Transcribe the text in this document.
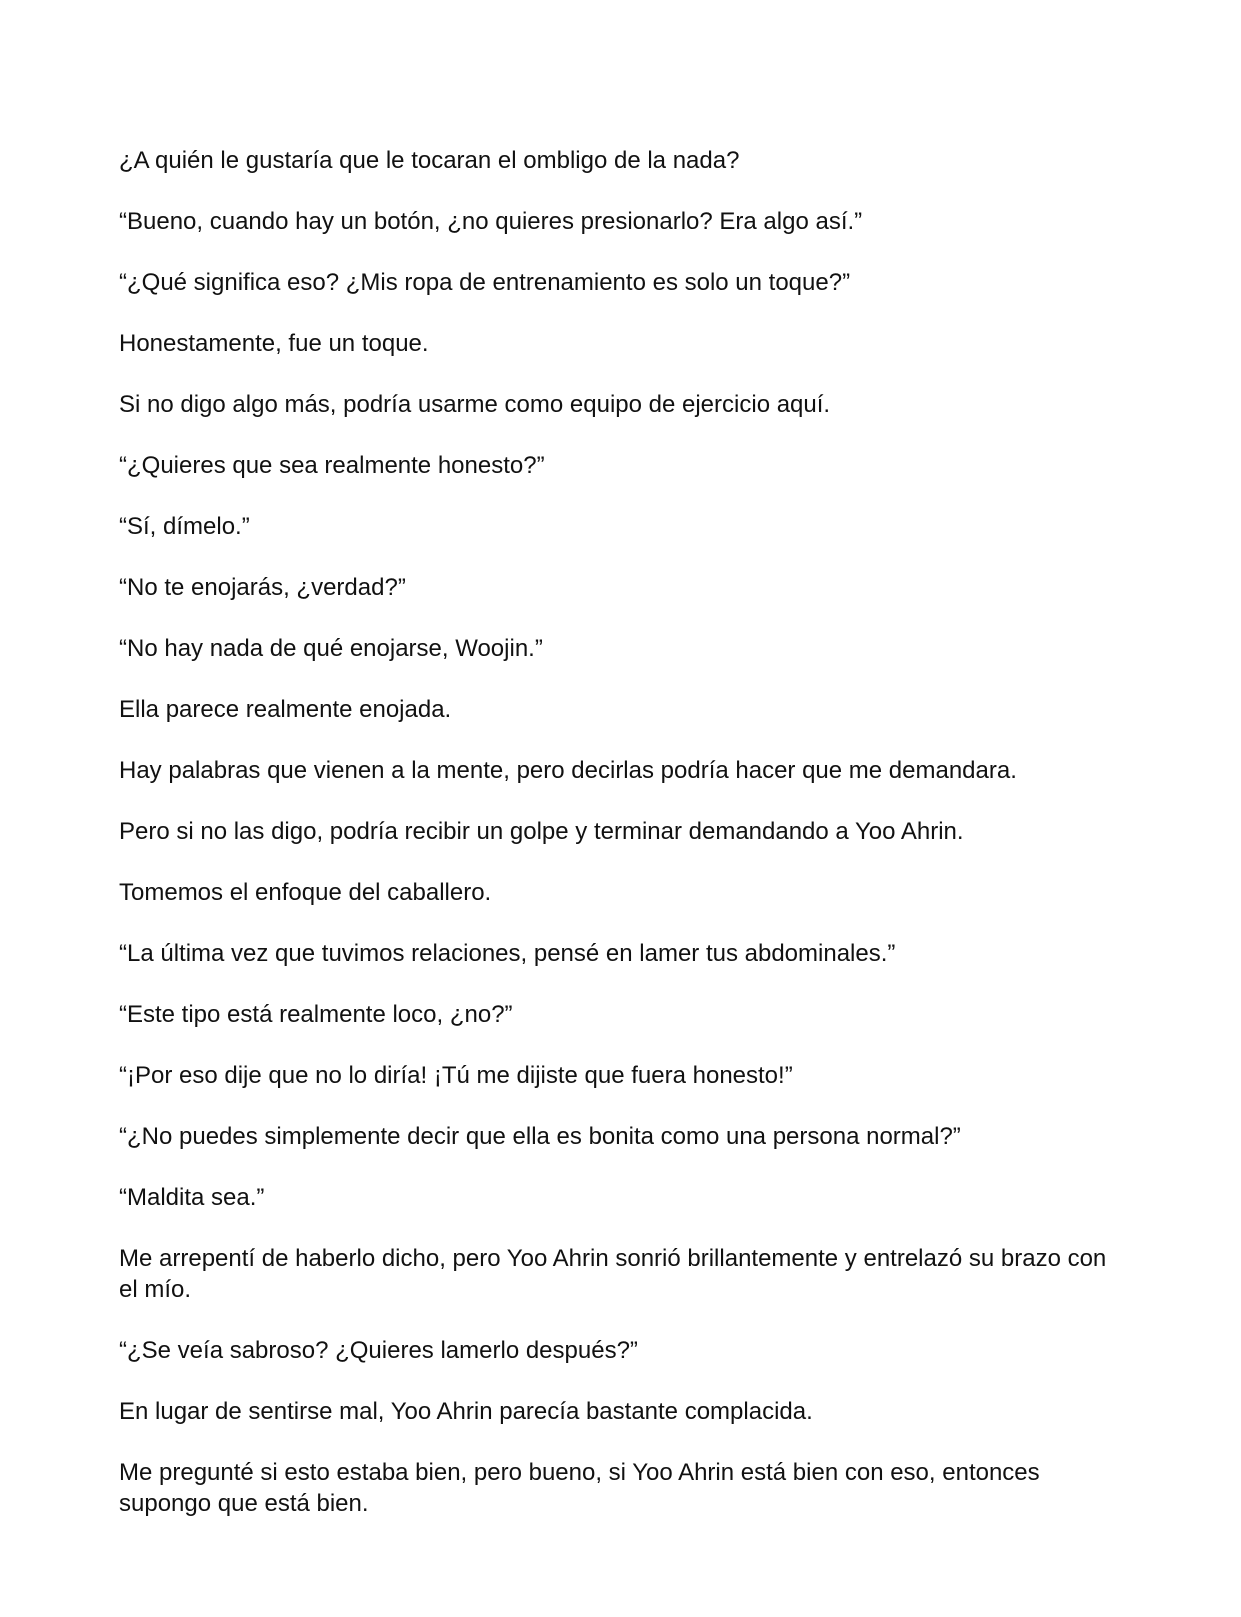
¿A quién le gustaría que le tocaran el ombligo de la nada?

“Bueno, cuando hay un botón, ¿no quieres presionarlo? Era algo así.”

“¿Qué significa eso? ¿Mis ropa de entrenamiento es solo un toque?”

Honestamente, fue un toque.

Si no digo algo más, podría usarme como equipo de ejercicio aquí.

“¿Quieres que sea realmente honesto?”

“Sí, dímelo.”

“No te enojarás, ¿verdad?”

“No hay nada de qué enojarse, Woojin.”

Ella parece realmente enojada.

Hay palabras que vienen a la mente, pero decirlas podría hacer que me demandara.

Pero si no las digo, podría recibir un golpe y terminar demandando a Yoo Ahrin.

Tomemos el enfoque del caballero.

“La última vez que tuvimos relaciones, pensé en lamer tus abdominales.”

“Este tipo está realmente loco, ¿no?”

“¡Por eso dije que no lo diría! ¡Tú me dijiste que fuera honesto!”

“¿No puedes simplemente decir que ella es bonita como una persona normal?”

“Maldita sea.”

Me arrepentí de haberlo dicho, pero Yoo Ahrin sonrió brillantemente y entrelazó su brazo con el mío.

“¿Se veía sabroso? ¿Quieres lamerlo después?”

En lugar de sentirse mal, Yoo Ahrin parecía bastante complacida.

Me pregunté si esto estaba bien, pero bueno, si Yoo Ahrin está bien con eso, entonces supongo que está bien.
